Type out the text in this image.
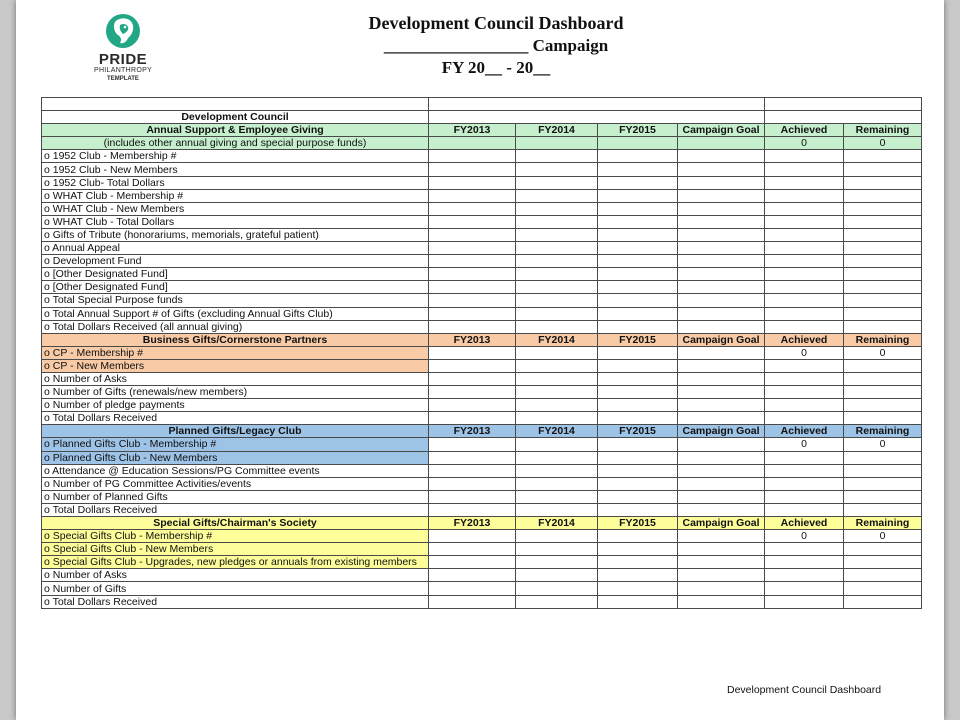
PRIDE
PHILANTHROPY
TEMPLATE
Development Council Dashboard
_________________ Campaign
FY 20__ - 20__

Development Council						
Annual Support & Employee Giving	FY2013	FY2014	FY2015	Campaign Goal	Achieved	Remaining
(includes other annual giving and special purpose funds)					0	0
o 1952 Club - Membership #						
o 1952 Club - New Members						
o 1952 Club- Total Dollars						
o WHAT Club - Membership #						
o WHAT Club - New Members						
o WHAT Club - Total Dollars						
o Gifts of Tribute (honorariums, memorials, grateful patient)						
o Annual Appeal						
o Development Fund						
o [Other Designated Fund]						
o [Other Designated Fund]						
o Total Special Purpose funds						
o Total Annual Support # of Gifts (excluding Annual Gifts Club)						
o Total Dollars Received (all annual giving)						
Business Gifts/Cornerstone Partners	FY2013	FY2014	FY2015	Campaign Goal	Achieved	Remaining
o CP - Membership #					0	0
o CP - New Members						
o Number of Asks						
o Number of Gifts (renewals/new members)						
o Number of pledge payments						
o Total Dollars Received						
Planned Gifts/Legacy Club	FY2013	FY2014	FY2015	Campaign Goal	Achieved	Remaining
o Planned Gifts Club - Membership #					0	0
o Planned Gifts Club - New Members						
o Attendance @ Education Sessions/PG Committee events						
o Number of PG Committee Activities/events						
o Number of Planned Gifts						
o Total Dollars Received						
Special Gifts/Chairman's Society	FY2013	FY2014	FY2015	Campaign Goal	Achieved	Remaining
o Special Gifts Club - Membership #					0	0
o Special Gifts Club - New Members						
o Special Gifts Club - Upgrades, new pledges or annuals from existing members						
o Number of Asks						
o Number of Gifts						
o Total Dollars Received						
Development Council Dashboard
